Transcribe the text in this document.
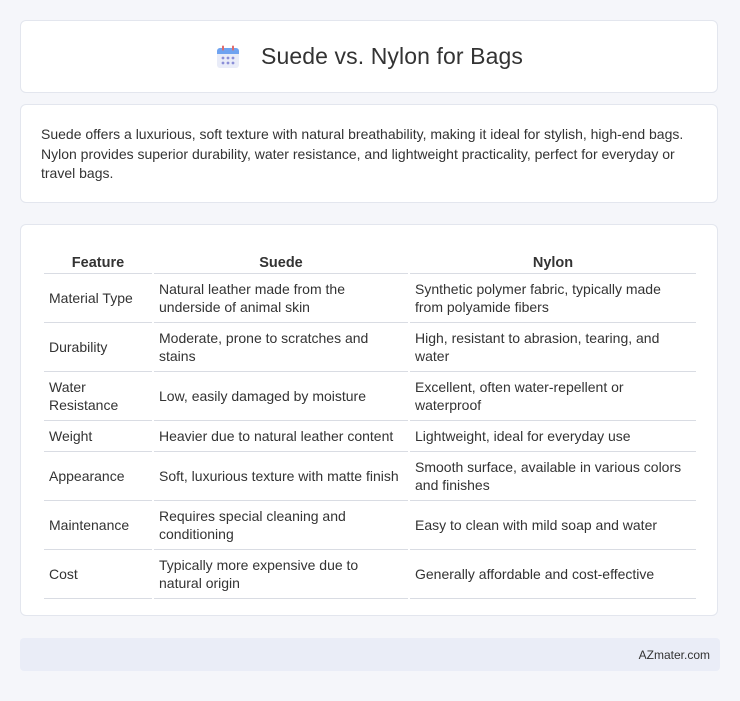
Suede vs. Nylon for Bags

Suede offers a luxurious, soft texture with natural breathability, making it ideal for stylish, high-end bags. Nylon provides superior durability, water resistance, and lightweight practicality, perfect for everyday or travel bags.

Feature	Suede	Nylon
Material Type	Natural leather made from the underside of animal skin	Synthetic polymer fabric, typically made from polyamide fibers
Durability	Moderate, prone to scratches and stains	High, resistant to abrasion, tearing, and water
Water Resistance	Low, easily damaged by moisture	Excellent, often water-repellent or waterproof
Weight	Heavier due to natural leather content	Lightweight, ideal for everyday use
Appearance	Soft, luxurious texture with matte finish	Smooth surface, available in various colors and finishes
Maintenance	Requires special cleaning and conditioning	Easy to clean with mild soap and water
Cost	Typically more expensive due to natural origin	Generally affordable and cost-effective
AZmater.com
